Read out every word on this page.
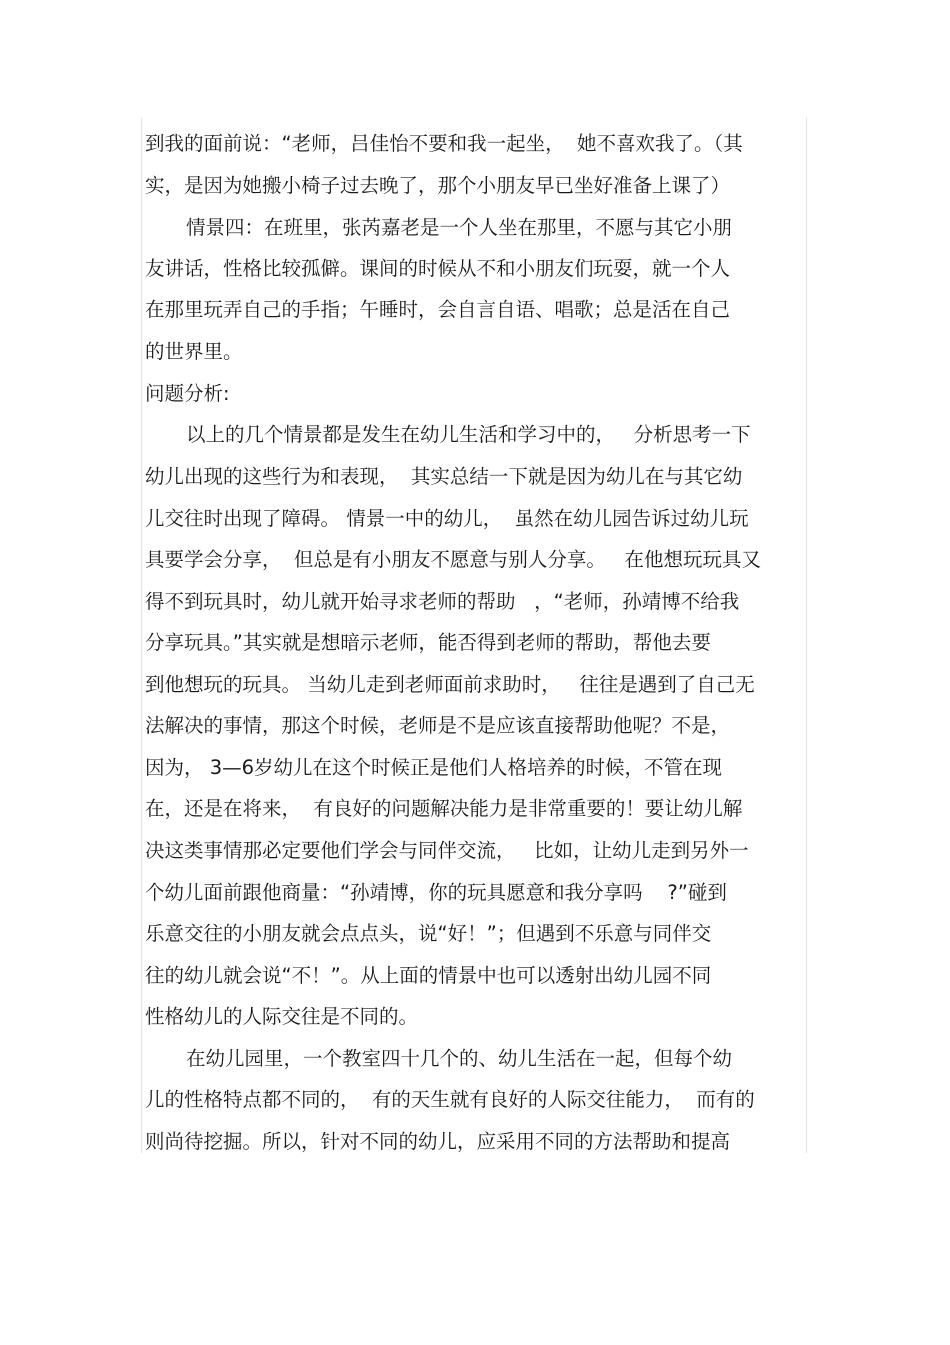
到我的面前说：“老师，吕佳怡不要和我一起坐，  她不喜欢我了。（其
实，是因为她搬小椅子过去晚了，那个小朋友早已坐好准备上课了）
情景四：在班里，张芮嘉老是一个人坐在那里，不愿与其它小朋
友讲话，性格比较孤僻。课间的时候从不和小朋友们玩耍，就一个人
在那里玩弄自己的手指；午睡时，会自言自语、唱歌；总是活在自己
的世界里。
问题分析:
以上的几个情景都是发生在幼儿生活和学习中的，   分析思考一下
幼儿出现的这些行为和表现，  其实总结一下就是因为幼儿在与其它幼
儿交往时出现了障碍。 情景一中的幼儿，  虽然在幼儿园告诉过幼儿玩
具要学会分享，  但总是有小朋友不愿意与别人分享。   在他想玩玩具又
得不到玩具时，幼儿就开始寻求老师的帮助   ，“老师，孙靖博不给我
分享玩具。”其实就是想暗示老师，能否得到老师的帮助，帮他去要
到他想玩的玩具。 当幼儿走到老师面前求助时，   往往是遇到了自己无
法解决的事情，那这个时候，老师是不是应该直接帮助他呢？不是，
因为， 3—6岁幼儿在这个时候正是他们人格培养的时候，不管在现
在，还是在将来，  有良好的问题解决能力是非常重要的！要让幼儿解
决这类事情那必定要他们学会与同伴交流，   比如，让幼儿走到另外一
个幼儿面前跟他商量：“孙靖博，你的玩具愿意和我分享吗    ?”碰到
乐意交往的小朋友就会点点头，说“好！”；但遇到不乐意与同伴交
往的幼儿就会说“不！”。从上面的情景中也可以透射出幼儿园不同
性格幼儿的人际交往是不同的。
在幼儿园里，一个教室四十几个的、幼儿生活在一起，但每个幼
儿的性格特点都不同的，  有的天生就有良好的人际交往能力，  而有的
则尚待挖掘。所以，针对不同的幼儿，应采用不同的方法帮助和提高
